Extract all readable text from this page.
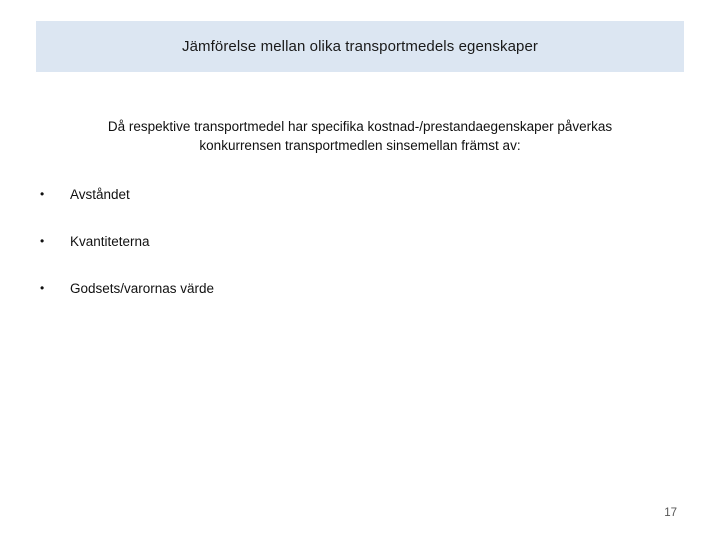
Jämförelse mellan olika transportmedels egenskaper
Då respektive transportmedel har specifika kostnad-/prestandaegenskaper påverkas
konkurrensen transportmedlen sinsemellan främst av:
•	Avståndet
•	Kvantiteterna
•	Godsets/varornas värde
17
